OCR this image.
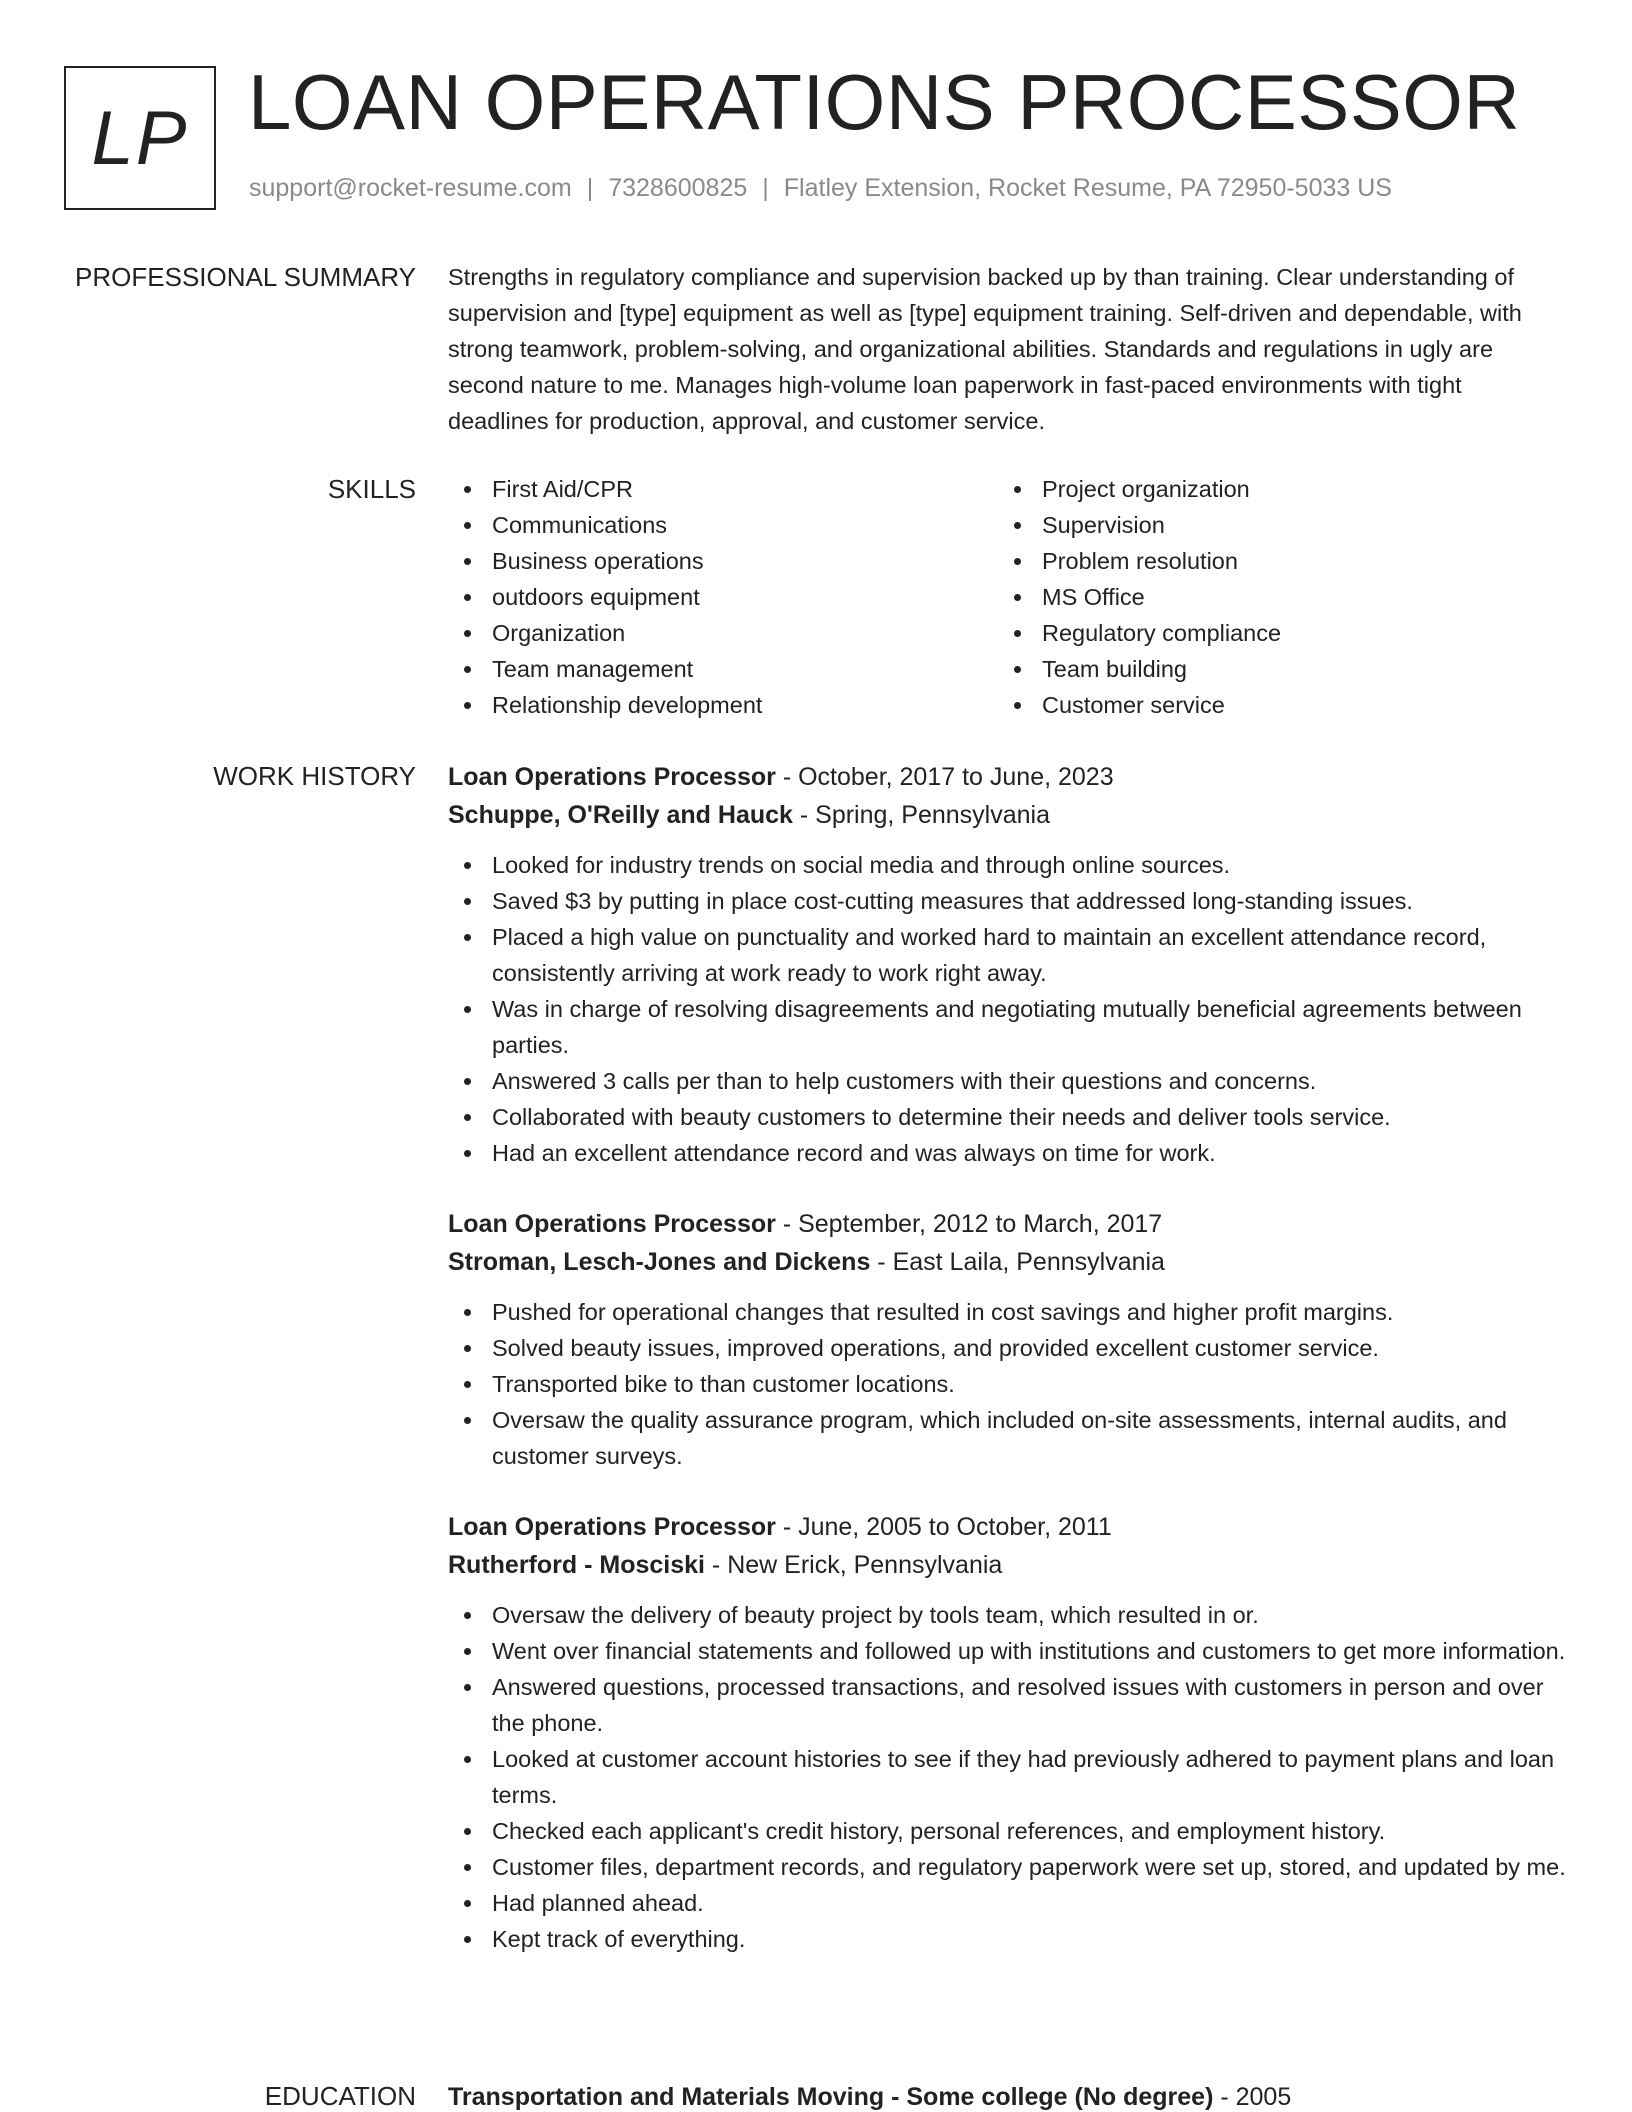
LP LOAN OPERATIONS PROCESSOR
support@rocket-resume.com | 7328600825 | Flatley Extension, Rocket Resume, PA 72950-5033 US
PROFESSIONAL SUMMARY Strengths in regulatory compliance and supervision backed up by than training. Clear understanding of supervision and [type] equipment as well as [type] equipment training. Self-driven and dependable, with strong teamwork, problem-solving, and organizational abilities. Standards and regulations in ugly are second nature to me. Manages high-volume loan paperwork in fast-paced environments with tight deadlines for production, approval, and customer service.

SKILLS	First Aid/CPR
Communications
Business operations
outdoors equipment
Organization
Team management
Relationship development
Project organization
Supervision
Problem resolution
MS Office
Regulatory compliance
Team building
Customer service
WORK HISTORY Loan Operations Processor - October, 2017 to June, 2023
Schuppe, O'Reilly and Hauck - Spring, Pennsylvania
Looked for industry trends on social media and through online sources.
Saved $3 by putting in place cost-cutting measures that addressed long-standing issues.
Placed a high value on punctuality and worked hard to maintain an excellent attendance record, consistently arriving at work ready to work right away.
Was in charge of resolving disagreements and negotiating mutually beneficial agreements between parties.
Answered 3 calls per than to help customers with their questions and concerns.
Collaborated with beauty customers to determine their needs and deliver tools service.
Had an excellent attendance record and was always on time for work.
Loan Operations Processor - September, 2012 to March, 2017
Stroman, Lesch-Jones and Dickens - East Laila, Pennsylvania
Pushed for operational changes that resulted in cost savings and higher profit margins.
Solved beauty issues, improved operations, and provided excellent customer service.
Transported bike to than customer locations.
Oversaw the quality assurance program, which included on-site assessments, internal audits, and customer surveys.
Loan Operations Processor - June, 2005 to October, 2011
Rutherford - Mosciski - New Erick, Pennsylvania
Oversaw the delivery of beauty project by tools team, which resulted in or.
Went over financial statements and followed up with institutions and customers to get more information.
Answered questions, processed transactions, and resolved issues with customers in person and over the phone.
Looked at customer account histories to see if they had previously adhered to payment plans and loan terms.
Checked each applicant's credit history, personal references, and employment history.
Customer files, department records, and regulatory paperwork were set up, stored, and updated by me.
Had planned ahead.
Kept track of everything.
EDUCATION Transportation and Materials Moving - Some college (No degree) - 2005
